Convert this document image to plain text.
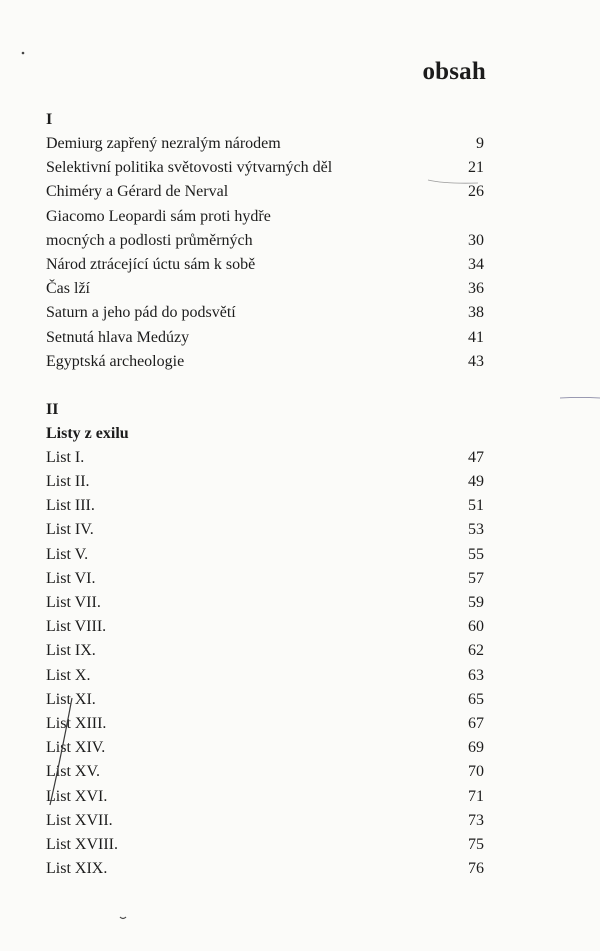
obsah
I
Demiurg zapřený nezralým národem	9
Selektivní politika světovosti výtvarných děl	21
Chiméry a Gérard de Nerval	26
Giacomo Leopardi sám proti hydře
mocných a podlosti průměrných	30
Národ ztrácející úctu sám k sobě	34
Čas lží	36
Saturn a jeho pád do podsvětí	38
Setnutá hlava Medúzy	41
Egyptská archeologie	43
II
Listy z exilu
List I.	47
List II.	49
List III.	51
List IV.	53
List V.	55
List VI.	57
List VII.	59
List VIII.	60
List IX.	62
List X.	63
List XI.	65
List XIII.	67
List XIV.	69
List XV.	70
List XVI.	71
List XVII.	73
List XVIII.	75
List XIX.	76
